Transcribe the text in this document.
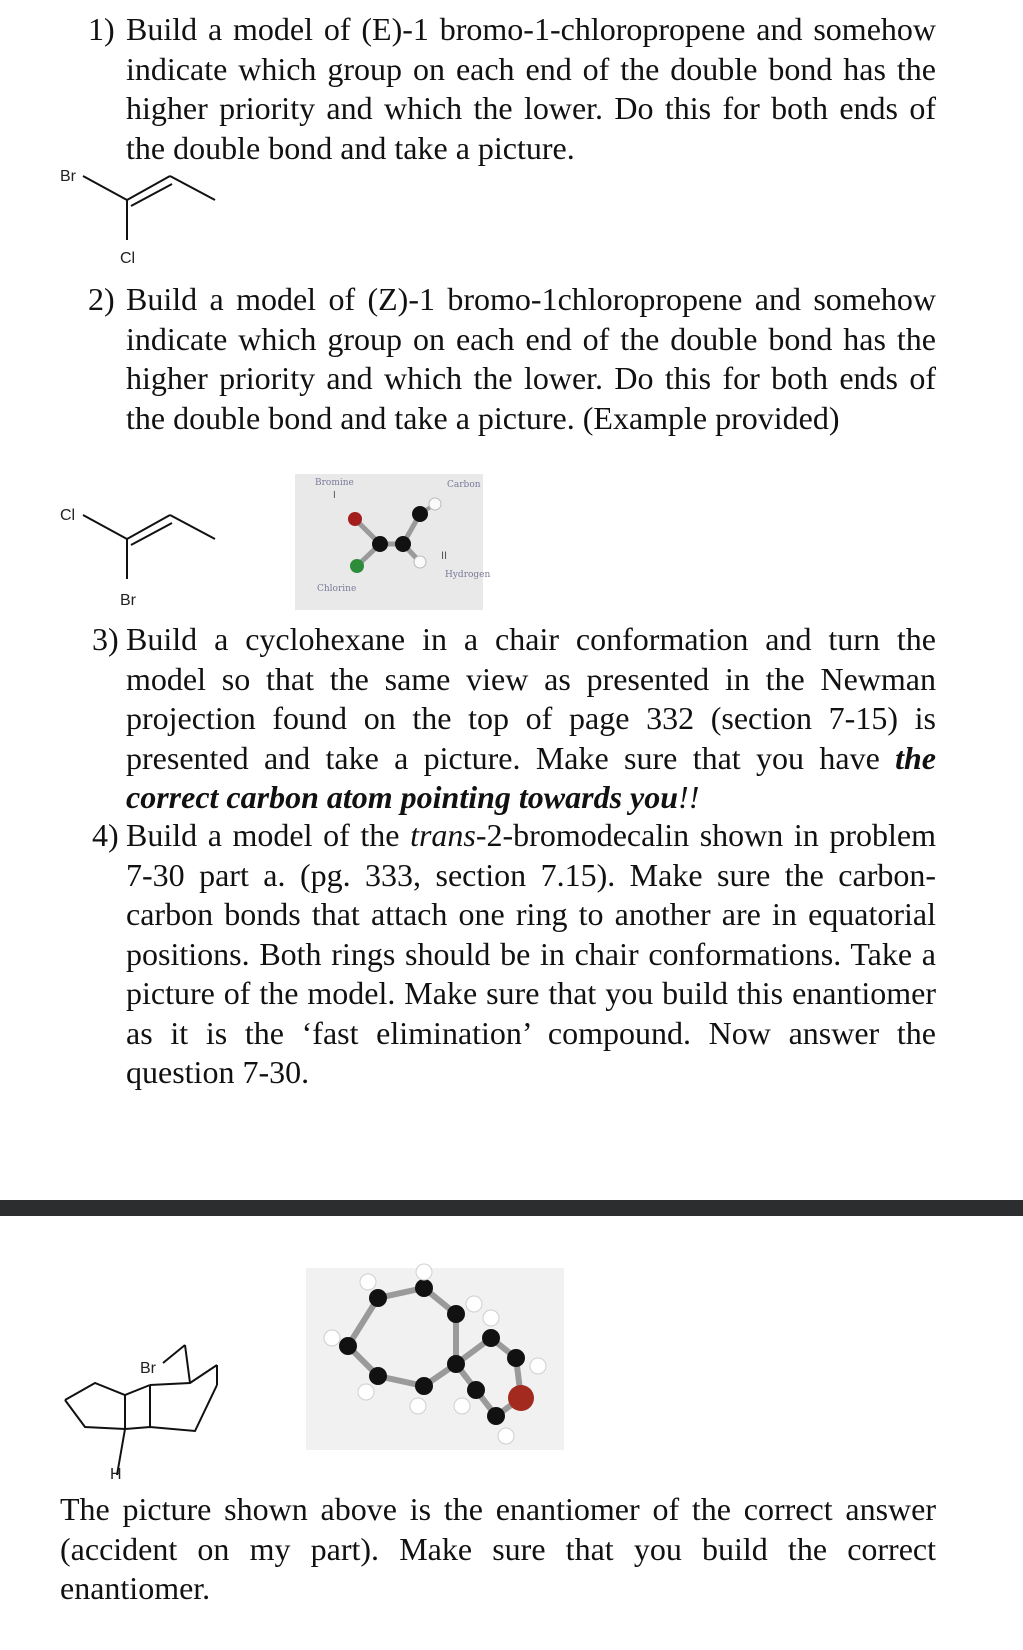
1) Build a model of (E)-1 bromo-1-chloropropene and somehow indicate which group on each end of the double bond has the higher priority and which the lower. Do this for both ends of the double bond and take a picture.
Br
Cl
2) Build a model of (Z)-1 bromo-1chloropropene and somehow indicate which group on each end of the double bond has the higher priority and which the lower. Do this for both ends of the double bond and take a picture. (Example provided)
Cl
Br
Bromine
I
Carbon
II
Chlorine
Hydrogen
3) Build a cyclohexane in a chair conformation and turn the model so that the same view as presented in the Newman projection found on the top of page 332 (section 7-15) is presented and take a picture. Make sure that you have the correct carbon atom pointing towards you!!
4) Build a model of the trans-2-bromodecalin shown in problem 7-30 part a. (pg. 333, section 7.15). Make sure the carbon-carbon bonds that attach one ring to another are in equatorial positions. Both rings should be in chair conformations. Take a picture of the model. Make sure that you build this enantiomer as it is the ‘fast elimination’ compound. Now answer the question 7-30.
Br
H
The picture shown above is the enantiomer of the correct answer (accident on my part). Make sure that you build the correct enantiomer.
